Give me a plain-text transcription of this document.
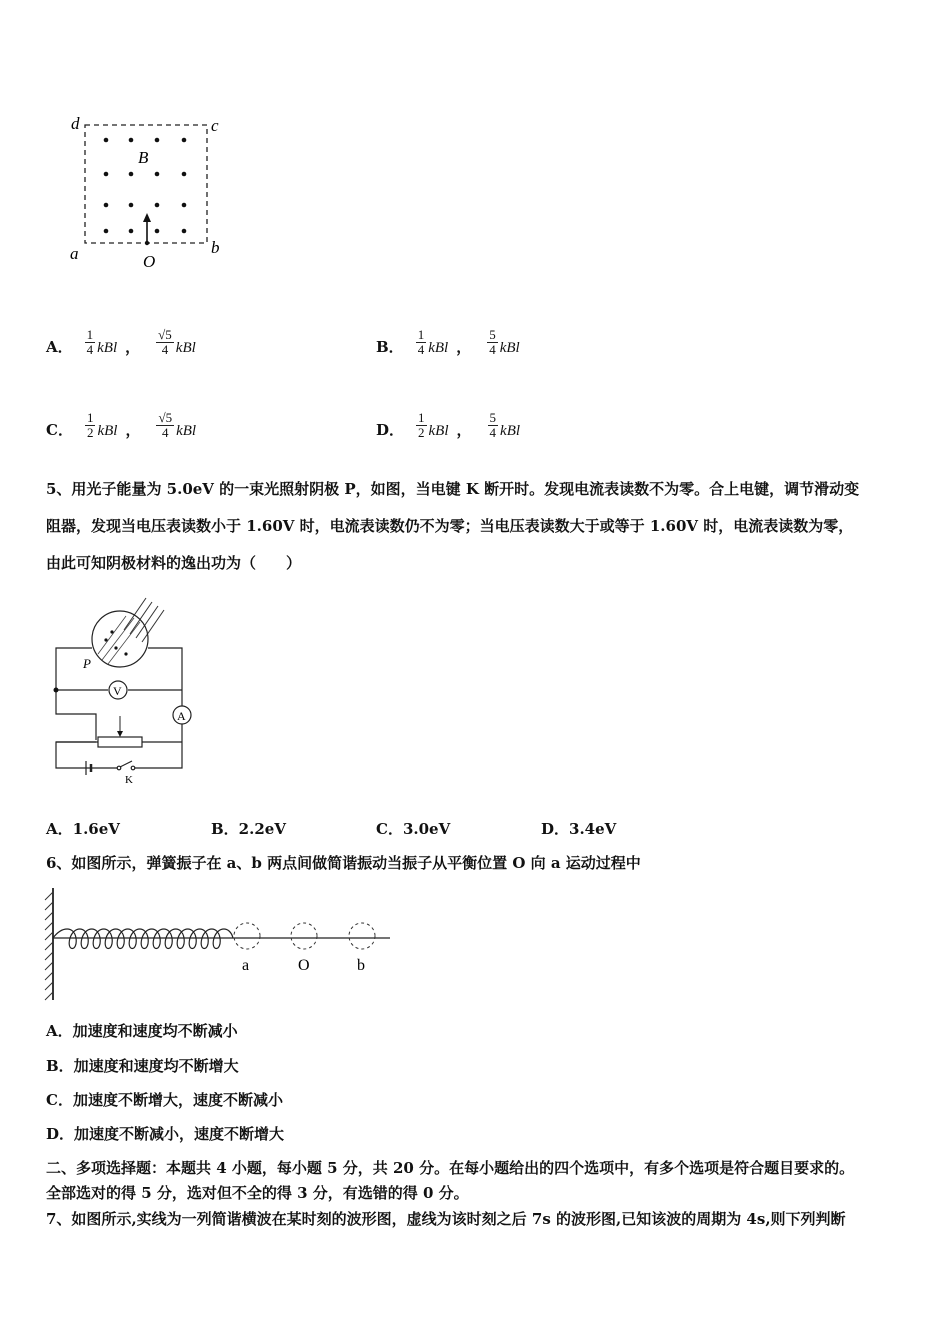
d	c
B
a	b
O
A． $\frac{1}{4}$ kBl ， $\frac{√5}{4}$ kBl	B． $\frac{1}{4}$ kBl ， $\frac{5}{4}$ kBl
C． $\frac{1}{2}$ kBl ， $\frac{√5}{4}$ kBl	D． $\frac{1}{2}$ kBl ， $\frac{5}{4}$ kBl
5、用光子能量为 5.0eV 的一束光照射阴极 P，如图，当电键 K 断开时。发现电流表读数不为零。合上电键，调节滑动变
阻器，发现当电压表读数小于 1.60V 时，电流表读数仍不为零；当电压表读数大于或等于 1.60V 时，电流表读数为零，
由此可知阴极材料的逸出功为（　　）
P
V
A
K
A．1.6eV	B．2.2eV	C．3.0eV	D．3.4eV
6、如图所示，弹簧振子在 a、b 两点间做简谐振动当振子从平衡位置 O 向 a 运动过程中
a	O	b
A．加速度和速度均不断减小
B．加速度和速度均不断增大
C．加速度不断增大，速度不断减小
D．加速度不断减小，速度不断增大
二、多项选择题：本题共 4 小题，每小题 5 分，共 20 分。在每小题给出的四个选项中，有多个选项是符合题目要求的。
全部选对的得 5 分，选对但不全的得 3 分，有选错的得 0 分。
7、如图所示,实线为一列简谐横波在某时刻的波形图，虚线为该时刻之后 7s 的波形图,已知该波的周期为 4s,则下列判断
